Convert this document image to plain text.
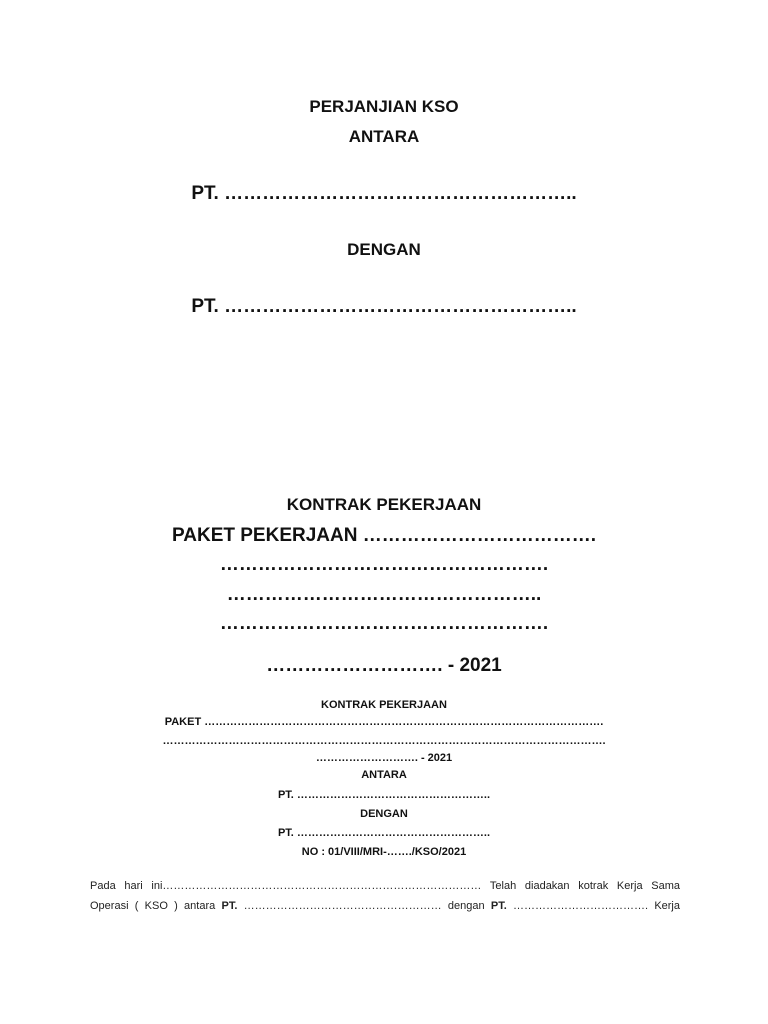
PERJANJIAN KSO
ANTARA
PT. ………………………………………………..
DENGAN
PT. ………………………………………………..
KONTRAK PEKERJAAN
PAKET PEKERJAAN ……………………………….
…………………………………………….
…………………………………………..
…………………………………………….
………………………. - 2021
KONTRAK PEKERJAAN
PAKET ……………………………………………………………………………………………….
………………………………………………………………………………………………………….
………………………. - 2021
ANTARA
PT. ……………………………………………..
DENGAN
PT. ……………………………………………..
NO : 01/VIII/MRI-……./KSO/2021
Pada hari ini…………………………………………………………………………… Telah diadakan kotrak Kerja Sama
Operasi ( KSO ) antara PT. ……………………………………………… dengan PT. ………………………………. Kerja
